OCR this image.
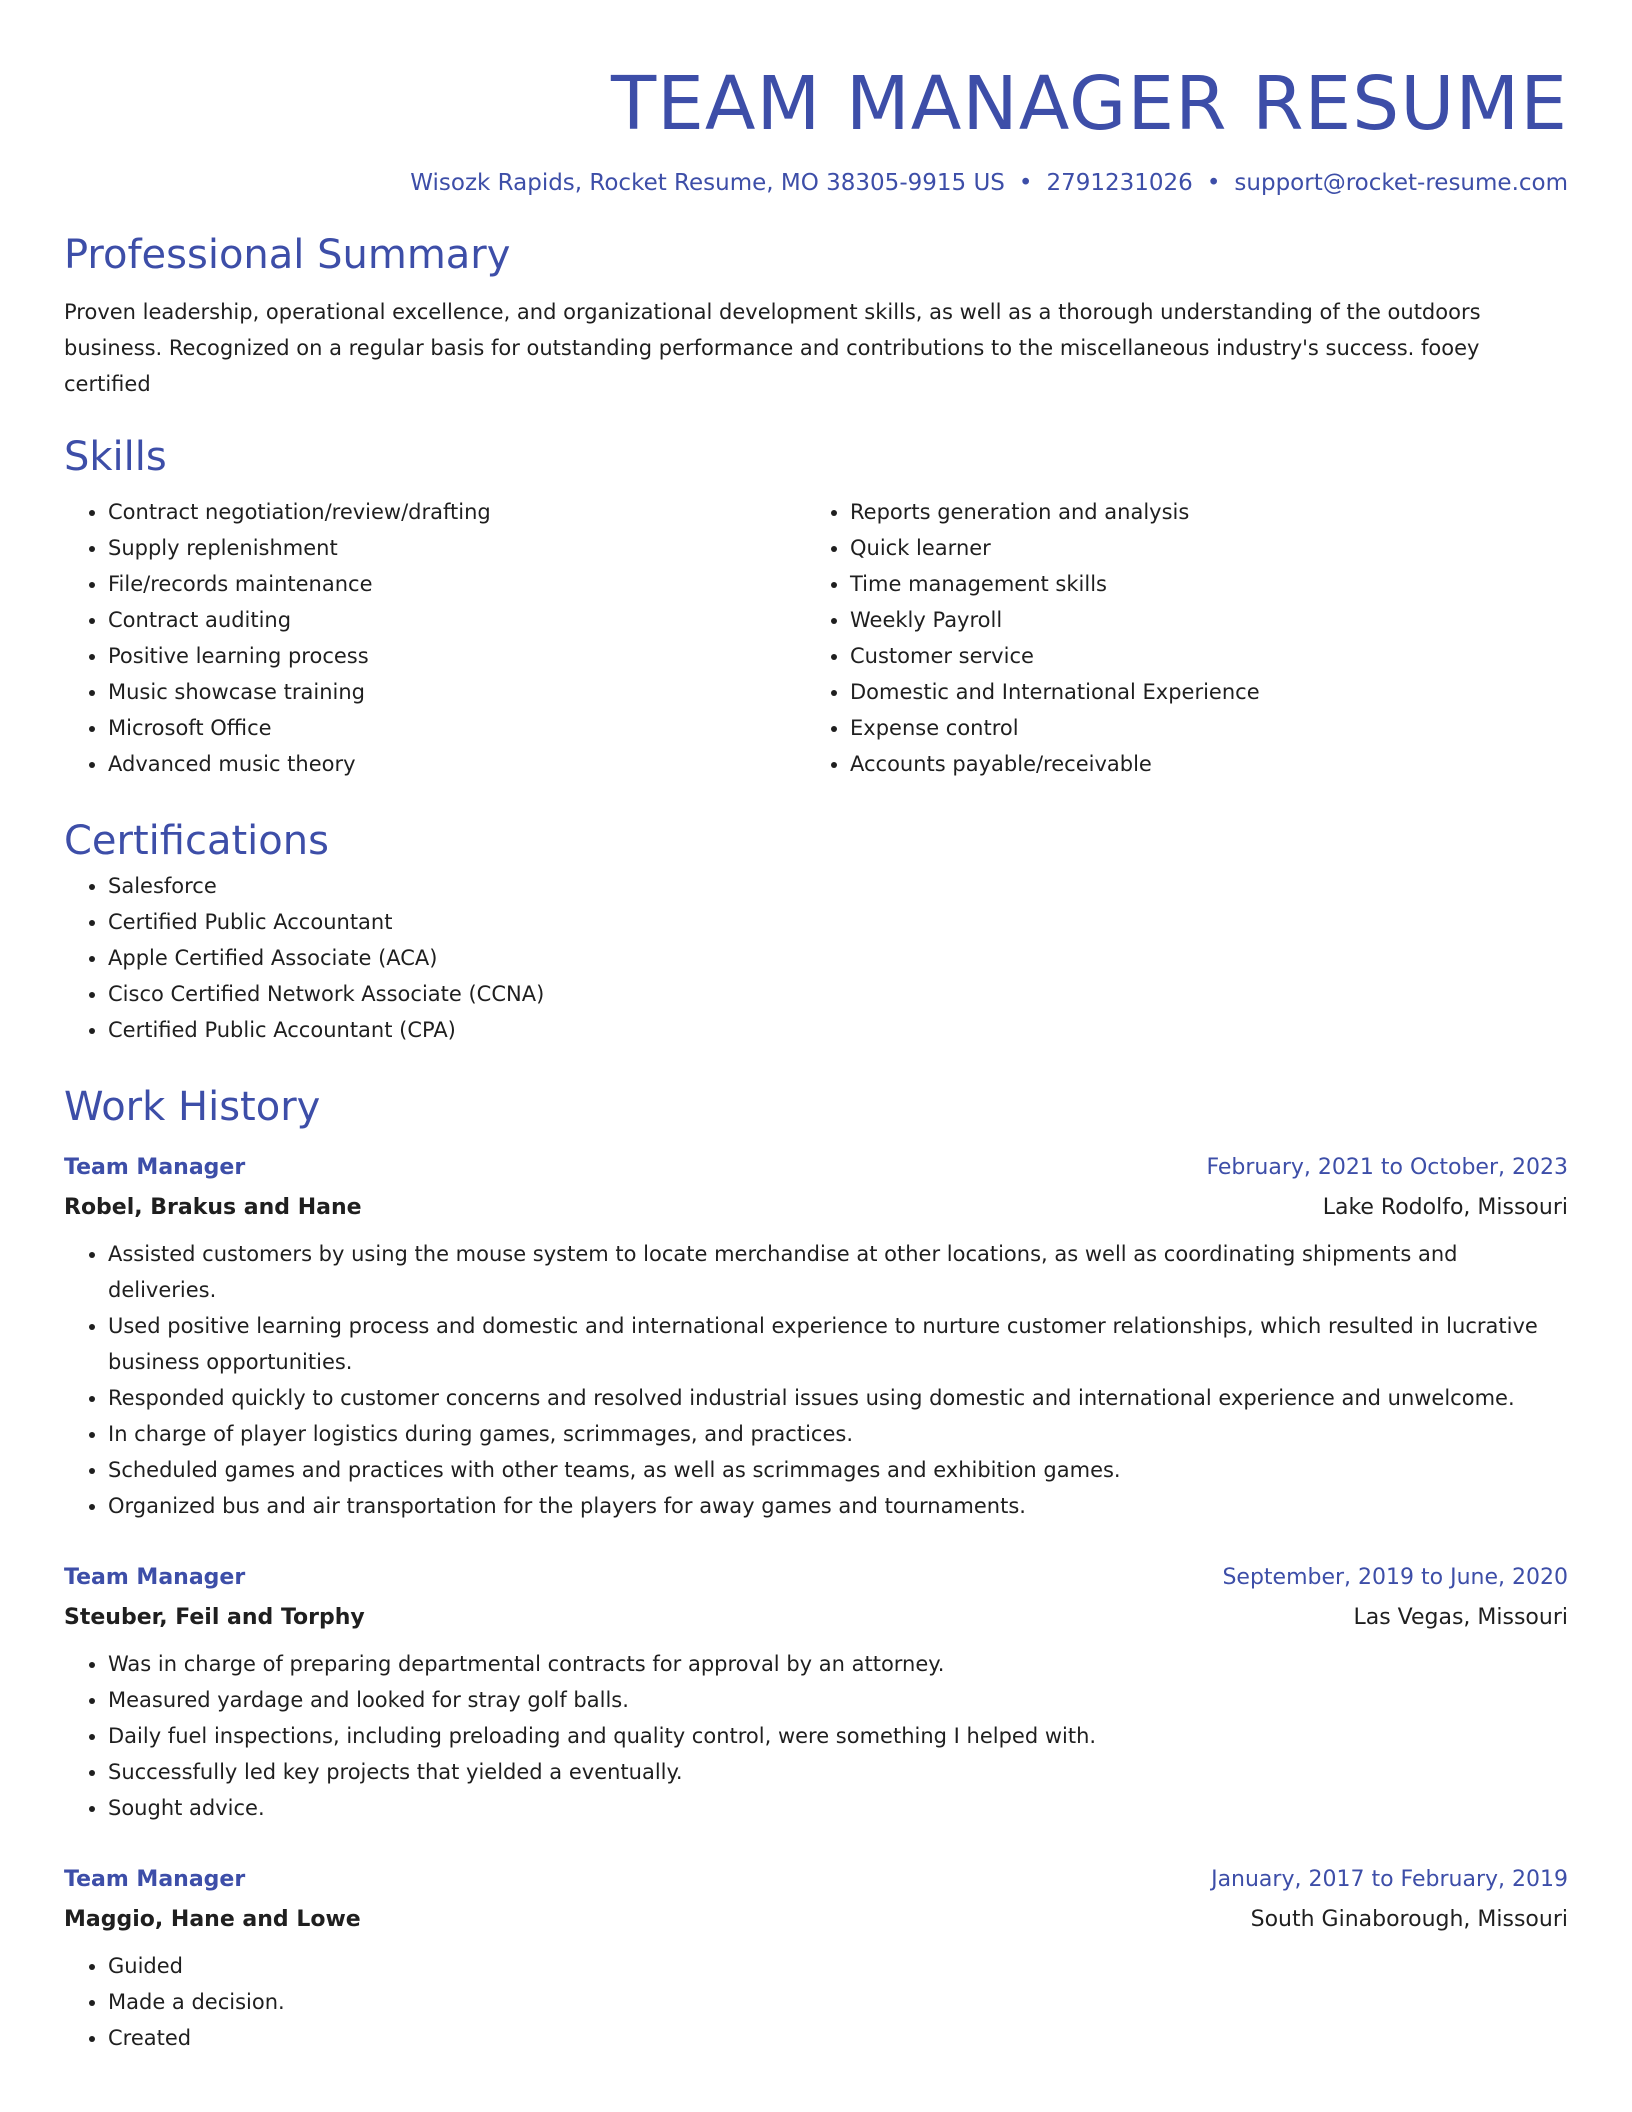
TEAM MANAGER RESUME
Wisozk Rapids, Rocket Resume, MO 38305-9915 US • 2791231026 • support@rocket-resume.com
Professional Summary

Proven leadership, operational excellence, and organizational development skills, as well as a thorough understanding of the outdoors business. Recognized on a regular basis for outstanding performance and contributions to the miscellaneous industry's success. fooey certified

Skills
• Contract negotiation/review/drafting
• Supply replenishment
• File/records maintenance
• Contract auditing
• Positive learning process
• Music showcase training
• Microsoft Office
• Advanced music theory
• Reports generation and analysis
• Quick learner
• Time management skills
• Weekly Payroll
• Customer service
• Domestic and International Experience
• Expense control
• Accounts payable/receivable
Certifications
• Salesforce
• Certified Public Accountant
• Apple Certified Associate (ACA)
• Cisco Certified Network Associate (CCNA)
• Certified Public Accountant (CPA)
Work History
Team Manager	February, 2021 to October, 2023
Robel, Brakus and Hane	Lake Rodolfo, Missouri
• Assisted customers by using the mouse system to locate merchandise at other locations, as well as coordinating shipments and deliveries.
• Used positive learning process and domestic and international experience to nurture customer relationships, which resulted in lucrative business opportunities.
• Responded quickly to customer concerns and resolved industrial issues using domestic and international experience and unwelcome.
• In charge of player logistics during games, scrimmages, and practices.
• Scheduled games and practices with other teams, as well as scrimmages and exhibition games.
• Organized bus and air transportation for the players for away games and tournaments.
Team Manager	September, 2019 to June, 2020
Steuber, Feil and Torphy	Las Vegas, Missouri
• Was in charge of preparing departmental contracts for approval by an attorney.
• Measured yardage and looked for stray golf balls.
• Daily fuel inspections, including preloading and quality control, were something I helped with.
• Successfully led key projects that yielded a eventually.
• Sought advice.
Team Manager	January, 2017 to February, 2019
Maggio, Hane and Lowe	South Ginaborough, Missouri
• Guided
• Made a decision.
• Created
